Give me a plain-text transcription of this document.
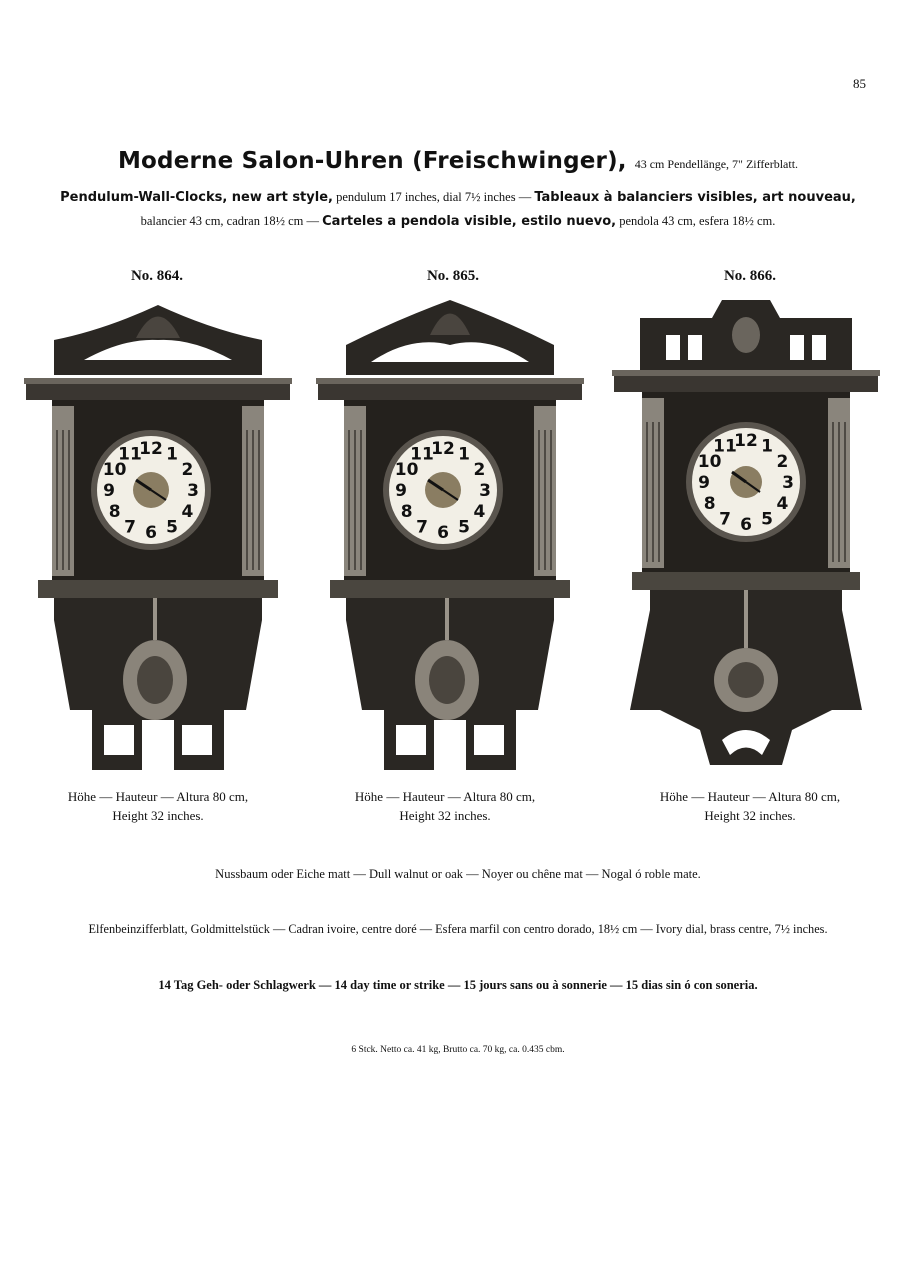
85
Moderne Salon-Uhren (Freischwinger), 43 cm Pendellänge, 7" Zifferblatt.
Pendulum-Wall-Clocks, new art style, pendulum 17 inches, dial 7½ inches — Tableaux à balanciers visibles, art nouveau,
balancier 43 cm, cadran 18½ cm — Carteles a pendola visible, estilo nuevo, pendola 43 cm, esfera 18½ cm.
No. 864.	No. 865.	No. 866.
12 1
2
3
4
5
6
7
8
9
10
11	12 1
2
3
4
5
6
7
8
9
10
11
12 1
2
3
4
5
6
7
8
9
10
11
Höhe — Hauteur — Altura 80 cm,
Height 32 inches.
Höhe — Hauteur — Altura 80 cm,
Height 32 inches.
Höhe — Hauteur — Altura 80 cm,
Height 32 inches.
Nussbaum oder Eiche matt — Dull walnut or oak — Noyer ou chêne mat — Nogal ó roble mate.
Elfenbeinzifferblatt, Goldmittelstück — Cadran ivoire, centre doré — Esfera marfil con centro dorado, 18½ cm — Ivory dial, brass centre, 7½ inches.
14 Tag Geh- oder Schlagwerk — 14 day time or strike — 15 jours sans ou à sonnerie — 15 dias sin ó con soneria.
6 Stck. Netto ca. 41 kg, Brutto ca. 70 kg, ca. 0.435 cbm.
